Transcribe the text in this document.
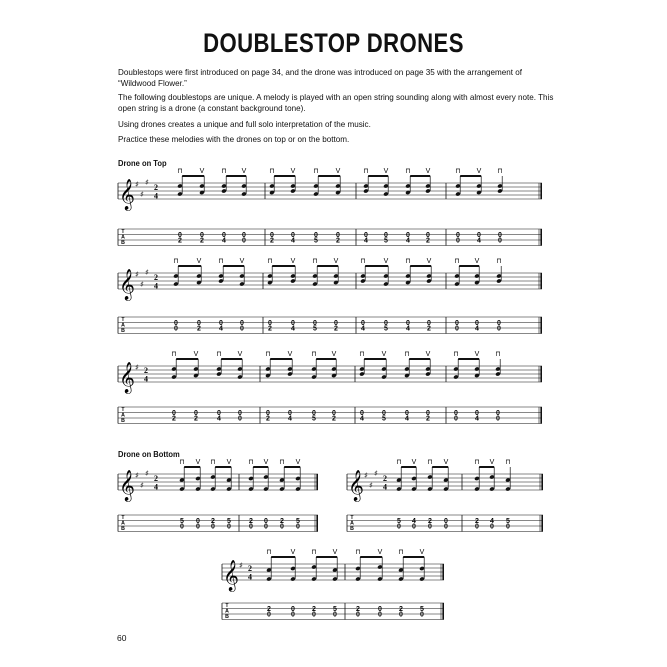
DOUBLESTOP DRONES

Doublestops were first introduced on page 34, and the drone was introduced on page 35 with the arrangement of “Wildwood Flower.”

The following doublestops are unique. A melody is played with an open string sounding along with almost every note. This open string is a drone (a constant background tone).

Using drones creates a unique and full solo interpretation of the music.

Practice these melodies with the drones on top or on the bottom.

Drone on Top
Drone on Bottom
𝄞 ♯
♯
♯
2
4
T
A
B
⊓
0
2
V
0
2
⊓
0
4
V
0
0
⊓
0
2
V
0
4
⊓
0
5
V
0
2
⊓
0
4
V
0
5
⊓
0
4
V
0
2
⊓
0
0
V
0
4
⊓
0
0
𝄞 ♯
♯
♯
2
4
T
A
B
⊓
0
0
V
0
2
⊓
0
4
V
0
0
⊓
0
2
V
0
4
⊓
0
5
V
0
2
⊓
0
4
V
0
5
⊓
0
4
V
0
2
⊓
0
0
V
0
4
⊓
0
0
𝄞 ♯ 2
4
T
A
B
⊓
0
2
V
0
2
⊓
0
4
V
0
0
⊓
0
2
V
0
4
⊓
0
5
V
0
2
⊓
0
4
V
0
5
⊓
0
4
V
0
2
⊓
0
0
V
0
4
⊓
0
0
𝄞 ♯
♯
♯
2
4
T
A
B
⊓
5
0
V
0
0
⊓
2
0
V
5
0
⊓
2
0
V
0
0
⊓
2
0
V
5
0
𝄞 ♯
♯
♯
2
4
T
A
B
⊓
5
0
V
4
0
⊓
2
0
V
0
0
⊓
2
0
V
4
0
⊓
5
0
𝄞 ♯ 2
4
T
A
B
⊓
2
0
V
0
0
⊓
2
0
V
5
0
⊓
2
0
V
0
0
⊓
2
0
V
5
0
60
